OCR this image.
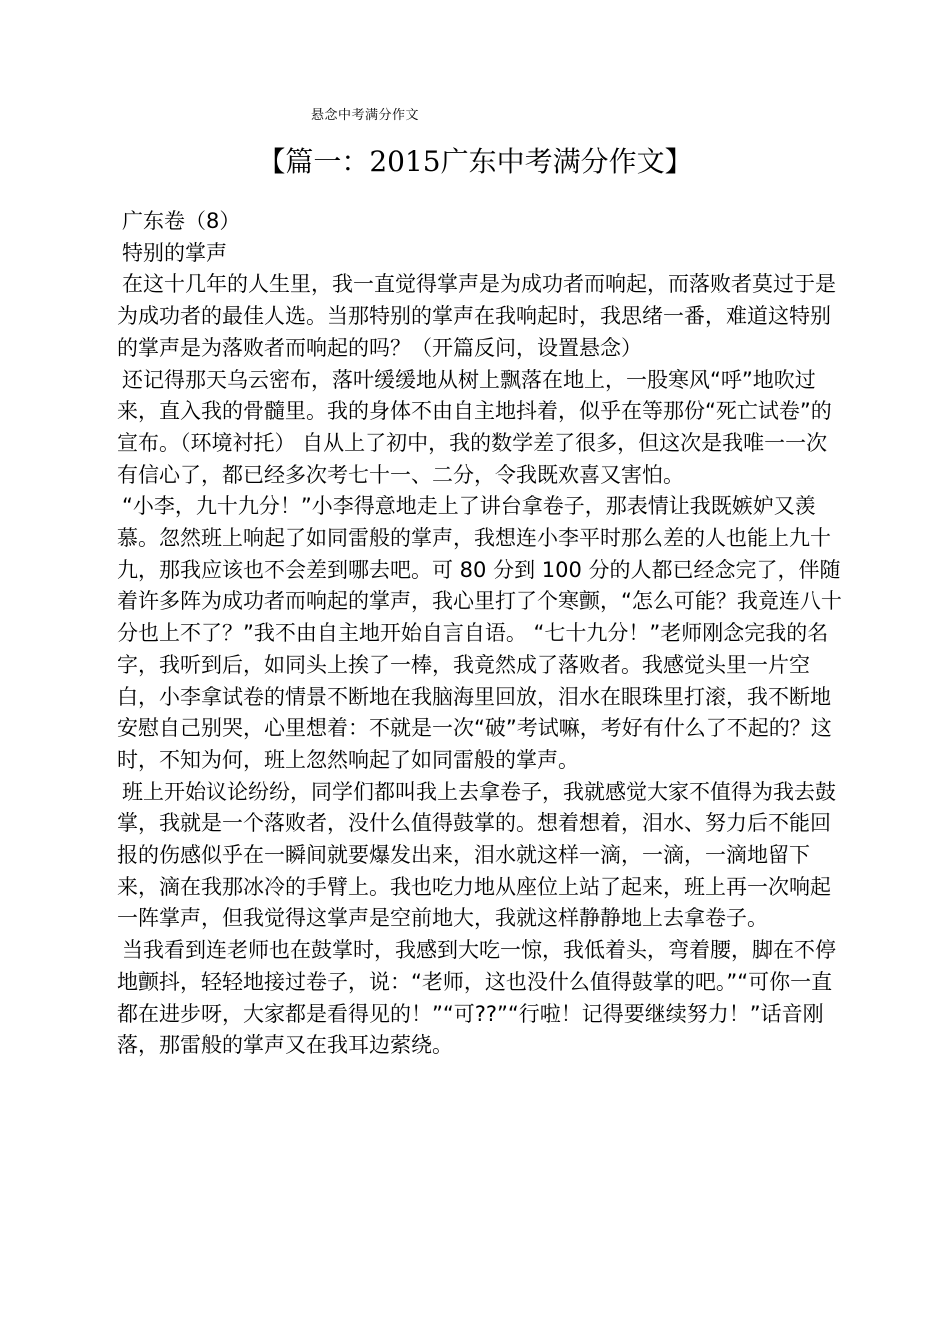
悬念中考满分作文
【篇一：2015广东中考满分作文】

广东卷（8）

特别的掌声

在这十几年的人生里，我一直觉得掌声是为成功者而响起，而落败者莫过于是为成功者的最佳人选。当那特别的掌声在我响起时，我思绪一番，难道这特别的掌声是为落败者而响起的吗？（开篇反问，设置悬念）

还记得那天乌云密布，落叶缓缓地从树上飘落在地上，一股寒风“呼”地吹过来，直入我的骨髓里。我的身体不由自主地抖着，似乎在等那份“死亡试卷”的宣布。（环境衬托） 自从上了初中，我的数学差了很多，但这次是我唯一一次有信心了，都已经多次考七十一、二分，令我既欢喜又害怕。

“小李，九十九分！”小李得意地走上了讲台拿卷子，那表情让我既嫉妒又羡慕。忽然班上响起了如同雷般的掌声，我想连小李平时那么差的人也能上九十九，那我应该也不会差到哪去吧。可 80 分到 100 分的人都已经念完了，伴随着许多阵为成功者而响起的掌声，我心里打了个寒颤，“怎么可能？我竟连八十分也上不了？”我不由自主地开始自言自语。 “七十九分！”老师刚念完我的名字，我听到后，如同头上挨了一棒，我竟然成了落败者。我感觉头里一片空白，小李拿试卷的情景不断地在我脑海里回放，泪水在眼珠里打滚，我不断地安慰自己别哭，心里想着：不就是一次“破”考试嘛，考好有什么了不起的？这时，不知为何，班上忽然响起了如同雷般的掌声。

班上开始议论纷纷，同学们都叫我上去拿卷子，我就感觉大家不值得为我去鼓掌，我就是一个落败者，没什么值得鼓掌的。想着想着，泪水、努力后不能回报的伤感似乎在一瞬间就要爆发出来，泪水就这样一滴，一滴，一滴地留下来，滴在我那冰冷的手臂上。我也吃力地从座位上站了起来，班上再一次响起一阵掌声，但我觉得这掌声是空前地大，我就这样静静地上去拿卷子。

当我看到连老师也在鼓掌时，我感到大吃一惊，我低着头，弯着腰，脚在不停地颤抖，轻轻地接过卷子，说：“老师，这也没什么值得鼓掌的吧。”“可你一直都在进步呀，大家都是看得见的！”“可??”“行啦！记得要继续努力！”话音刚落，那雷般的掌声又在我耳边萦绕。
